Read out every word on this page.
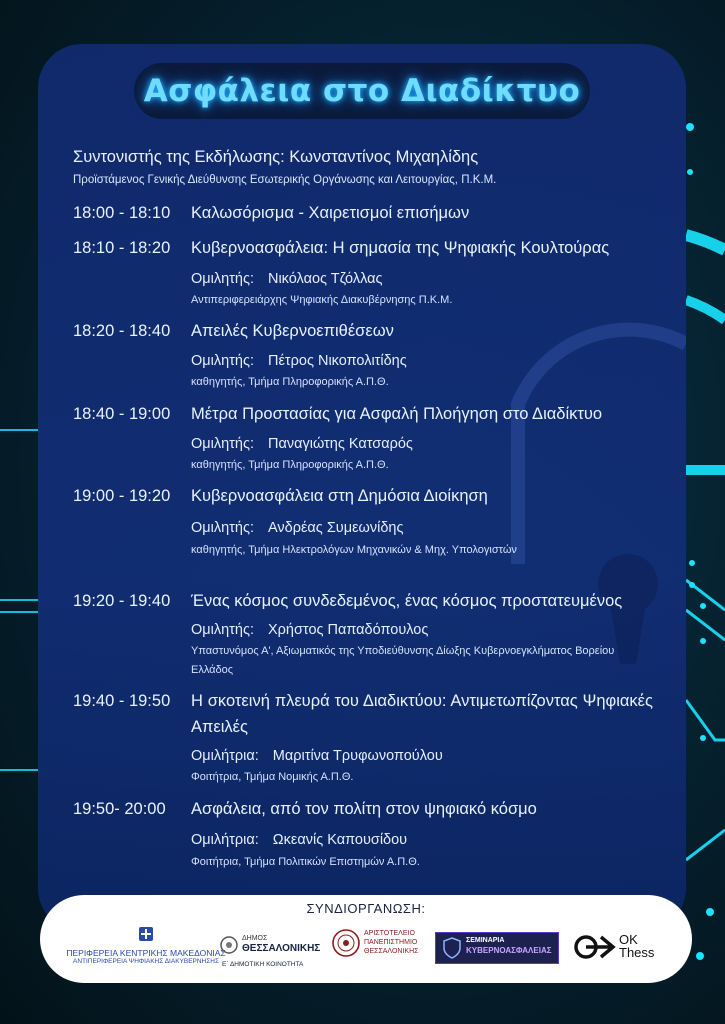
Ασφάλεια στο Διαδίκτυο
Συντονιστής της Εκδήλωσης: Κωνσταντίνος Μιχαηλίδης
Προϊστάμενος Γενικής Διεύθυνσης Εσωτερικής Οργάνωσης και Λειτουργίας, Π.Κ.Μ.
18:00 - 18:10 Καλωσόρισμα - Χαιρετισμοί επισήμων
18:10 - 18:20 Κυβερνοασφάλεια: Η σημασία της Ψηφιακής Κουλτούρας
Ομιλητής: Νικόλαος Τζόλλας
Αντιπεριφερειάρχης Ψηφιακής Διακυβέρνησης Π.Κ.Μ.
18:20 - 18:40 Απειλές Κυβερνοεπιθέσεων
Ομιλητής: Πέτρος Νικοπολιτίδης
καθηγητής, Τμήμα Πληροφορικής Α.Π.Θ.
18:40 - 19:00 Μέτρα Προστασίας για Ασφαλή Πλοήγηση στο Διαδίκτυο
Ομιλητής: Παναγιώτης Κατσαρός
καθηγητής, Τμήμα Πληροφορικής Α.Π.Θ.
19:00 - 19:20 Κυβερνοασφάλεια στη Δημόσια Διοίκηση
Ομιλητής: Ανδρέας Συμεωνίδης
καθηγητής, Τμήμα Ηλεκτρολόγων Μηχανικών & Μηχ. Υπολογιστών
19:20 - 19:40 Ένας κόσμος συνδεδεμένος, ένας κόσμος προστατευμένος
Ομιλητής: Χρήστος Παπαδόπουλος
Υπαστυνόμος Α', Αξιωματικός της Υποδιεύθυνσης Δίωξης Κυβερνοεγκλήματος Βορείου Ελλάδος
19:40 - 19:50 Η σκοτεινή πλευρά του Διαδικτύου: Αντιμετωπίζοντας Ψηφιακές Απειλές
Ομιλήτρια: Μαριτίνα Τρυφωνοπούλου
Φοιτήτρια, Τμήμα Νομικής Α.Π.Θ.
19:50- 20:00 Ασφάλεια, από τον πολίτη στον ψηφιακό κόσμο
Ομιλήτρια: Ωκεανίς Καπουσίδου
Φοιτήτρια, Τμήμα Πολιτικών Επιστημών Α.Π.Θ.
ΣΥΝΔΙΟΡΓΑΝΩΣΗ:
ΠΕΡΙΦΕΡΕΙΑ ΚΕΝΤΡΙΚΗΣ ΜΑΚΕΔΟΝΙΑΣ
ΑΝΤΙΠΕΡΙΦΕΡΕΙΑ ΨΗΦΙΑΚΗΣ ΔΙΑΚΥΒΕΡΝΗΣΗΣ
ΔΗΜΟΣ
ΘΕΣΣΑΛΟΝΙΚΗΣ
Ε΄ ΔΗΜΟΤΙΚΗ ΚΟΙΝΟΤΗΤΑ
ΑΡΙΣΤΟΤΕΛΕΙΟ
ΠΑΝΕΠΙΣΤΗΜΙΟ
ΘΕΣΣΑΛΟΝΙΚΗΣ
ΣΕΜΙΝΑΡΙΑ
ΚΥΒΕΡΝΟΑΣΦΑΛΕΙΑΣ
OK
Thess
